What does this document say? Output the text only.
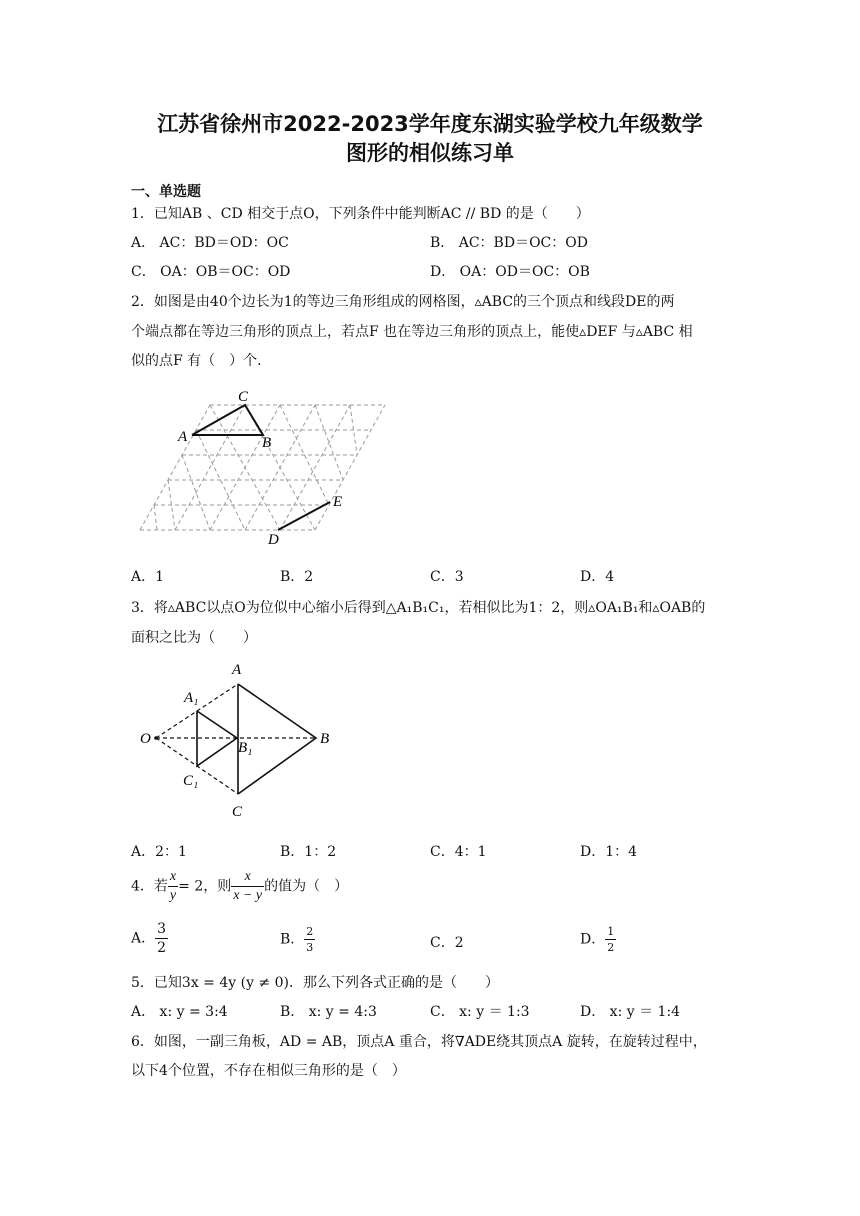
江苏省徐州市2022-2023学年度东湖实验学校九年级数学
图形的相似练习单
一、单选题
1．已知AB 、CD 相交于点O，下列条件中能判断AC // BD 的是（　　）
A． AC：BD＝OD：OC	B． AC：BD＝OC：OD
C． OA：OB＝OC：OD	D． OA：OD＝OC：OB
2．如图是由40个边长为1的等边三角形组成的网格图，▵ABC的三个顶点和线段DE的两
个端点都在等边三角形的顶点上，若点F 也在等边三角形的顶点上，能使▵DEF 与▵ABC 相
似的点F 有（　）个．
A
C
B
E
D
A．1	B．2	C．3	D．4
3．将▵ABC以点O为位似中心缩小后得到△A₁B₁C₁，若相似比为1：2，则▵OA₁B₁和▵OAB的
面积之比为（　　）
A
A₁
O
B₁
B
C₁
C
A．2：1	B．1：2	C．4：1	D．1：4
4．若 $\frac{x}{y} = 2$，则 $\frac{x}{x - y}$ 的值为（　）
A． $\frac{3}{2}$	B． $\frac{2}{3}$	C．2	D． $\frac{1}{2}$
5．已知3x = 4y (y ≠ 0)．那么下列各式正确的是（　　）
A． x: y = 3:4	B． x: y = 4:3	C． x: y ＝ 1:3	D． x: y ＝ 1:4
6．如图，一副三角板，AD = AB，顶点A 重合，将∇ADE绕其顶点A 旋转，在旋转过程中，
以下4个位置，不存在相似三角形的是（　）
